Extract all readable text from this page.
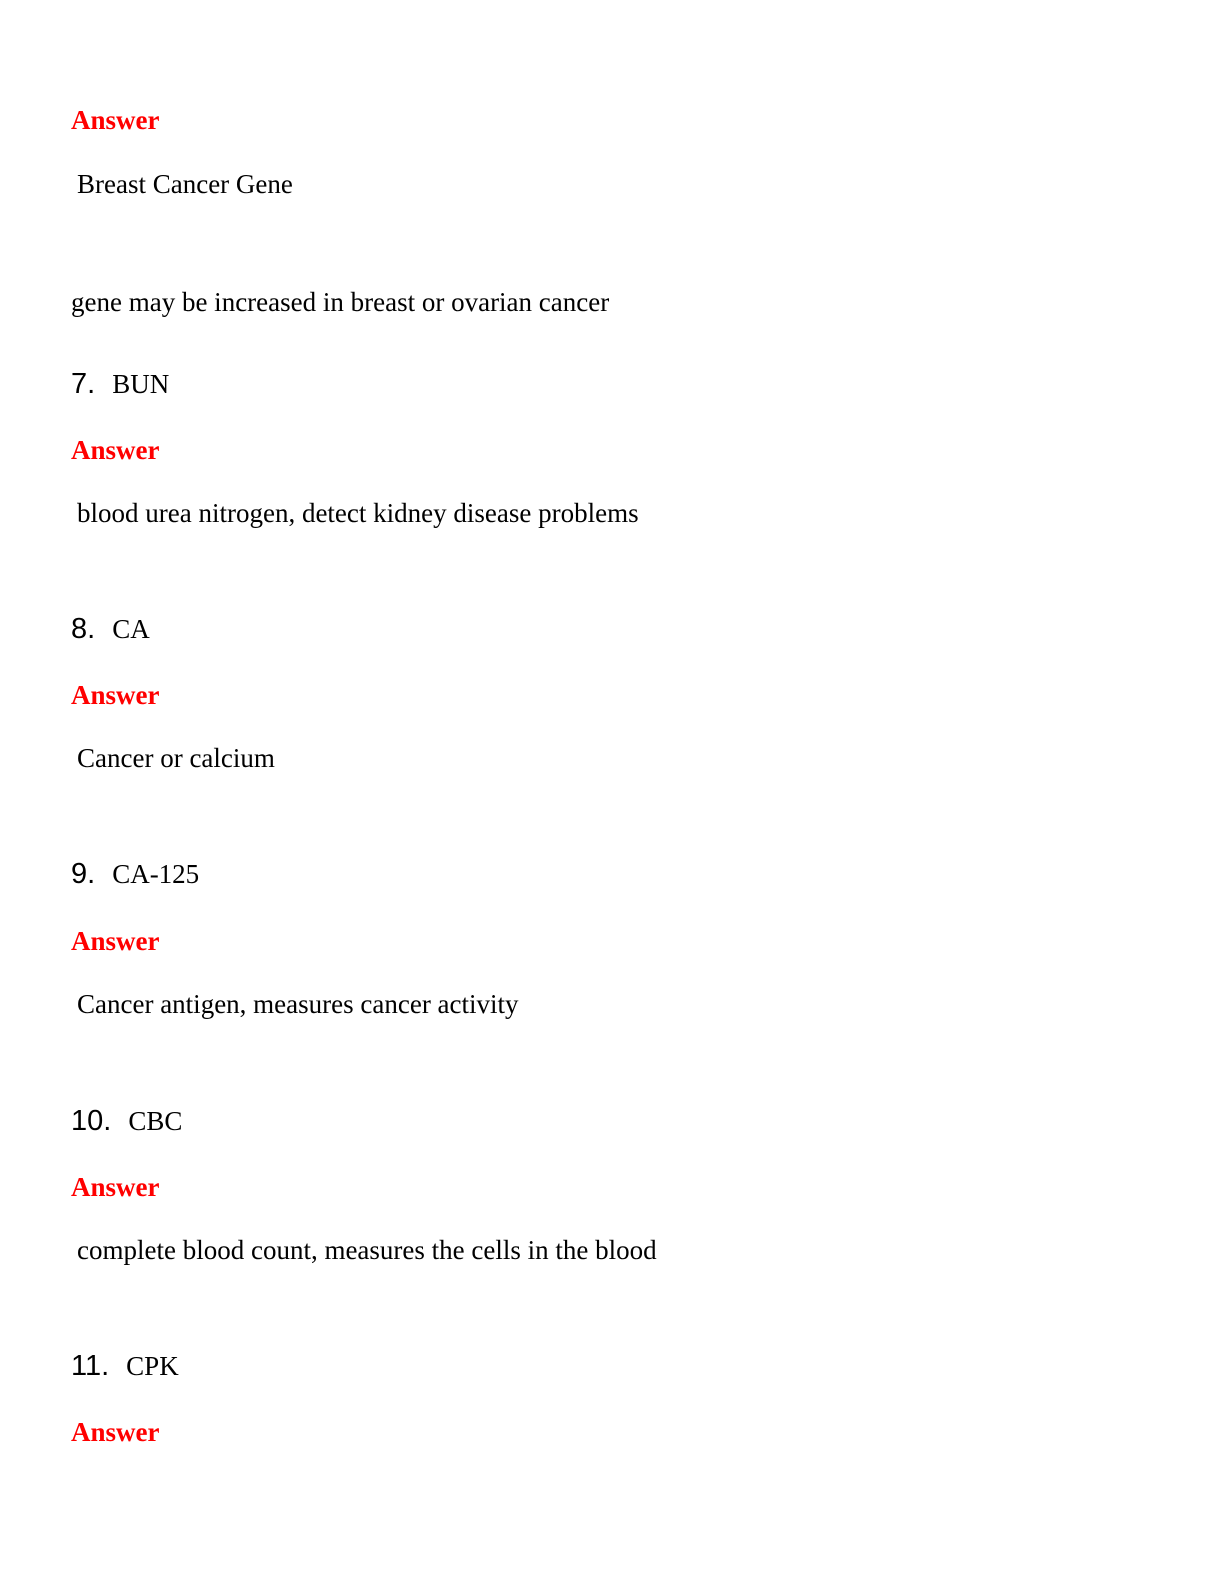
Answer
Breast Cancer Gene
gene may be increased in breast or ovarian cancer
7. BUN
Answer
blood urea nitrogen, detect kidney disease problems
8. CA
Answer
Cancer or calcium
9. CA-125
Answer
Cancer antigen, measures cancer activity
10. CBC
Answer
complete blood count, measures the cells in the blood
11. CPK
Answer
